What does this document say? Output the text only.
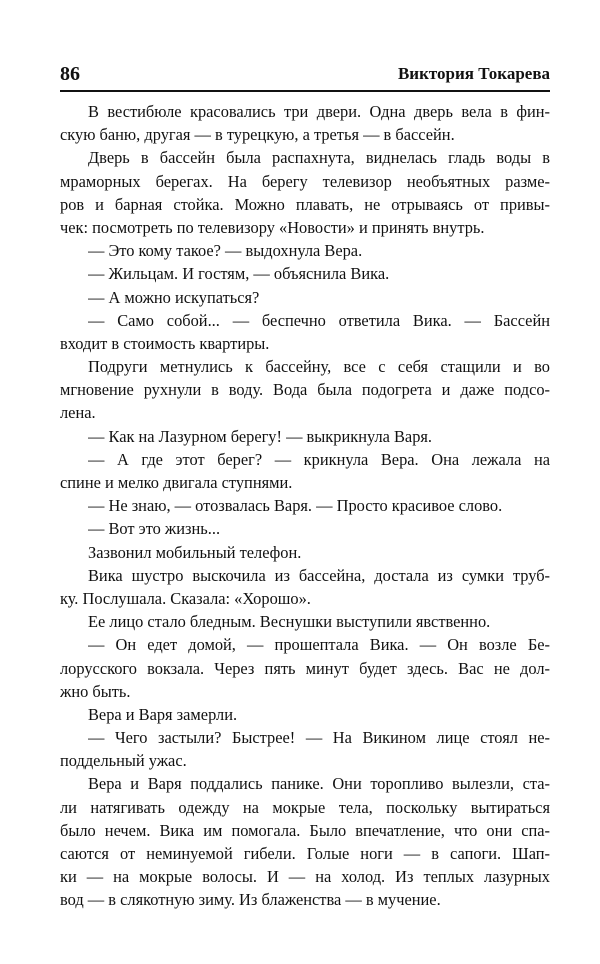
86	Виктория Токарева
В вестибюле красовались три двери. Одна дверь вела в фин-
скую баню, другая — в турецкую, а третья — в бассейн.
Дверь в бассейн была распахнута, виднелась гладь воды в
мраморных берегах. На берегу телевизор необъятных разме-
ров и барная стойка. Можно плавать, не отрываясь от привы-
чек: посмотреть по телевизору «Новости» и принять внутрь.
— Это кому такое? — выдохнула Вера.
— Жильцам. И гостям, — объяснила Вика.
— А можно искупаться?
— Само собой... — беспечно ответила Вика. — Бассейн
входит в стоимость квартиры.
Подруги метнулись к бассейну, все с себя стащили и во
мгновение рухнули в воду. Вода была подогрета и даже подсо-
лена.
— Как на Лазурном берегу! — выкрикнула Варя.
— А где этот берег? — крикнула Вера. Она лежала на
спине и мелко двигала ступнями.
— Не знаю, — отозвалась Варя. — Просто красивое слово.
— Вот это жизнь...
Зазвонил мобильный телефон.
Вика шустро выскочила из бассейна, достала из сумки труб-
ку. Послушала. Сказала: «Хорошо».
Ее лицо стало бледным. Веснушки выступили явственно.
— Он едет домой, — прошептала Вика. — Он возле Бе-
лорусского вокзала. Через пять минут будет здесь. Вас не дол-
жно быть.
Вера и Варя замерли.
— Чего застыли? Быстрее! — На Викином лице стоял не-
поддельный ужас.
Вера и Варя поддались панике. Они торопливо вылезли, ста-
ли натягивать одежду на мокрые тела, поскольку вытираться
было нечем. Вика им помогала. Было впечатление, что они спа-
саются от неминуемой гибели. Голые ноги — в сапоги. Шап-
ки — на мокрые волосы. И — на холод. Из теплых лазурных
вод — в слякотную зиму. Из блаженства — в мучение.
